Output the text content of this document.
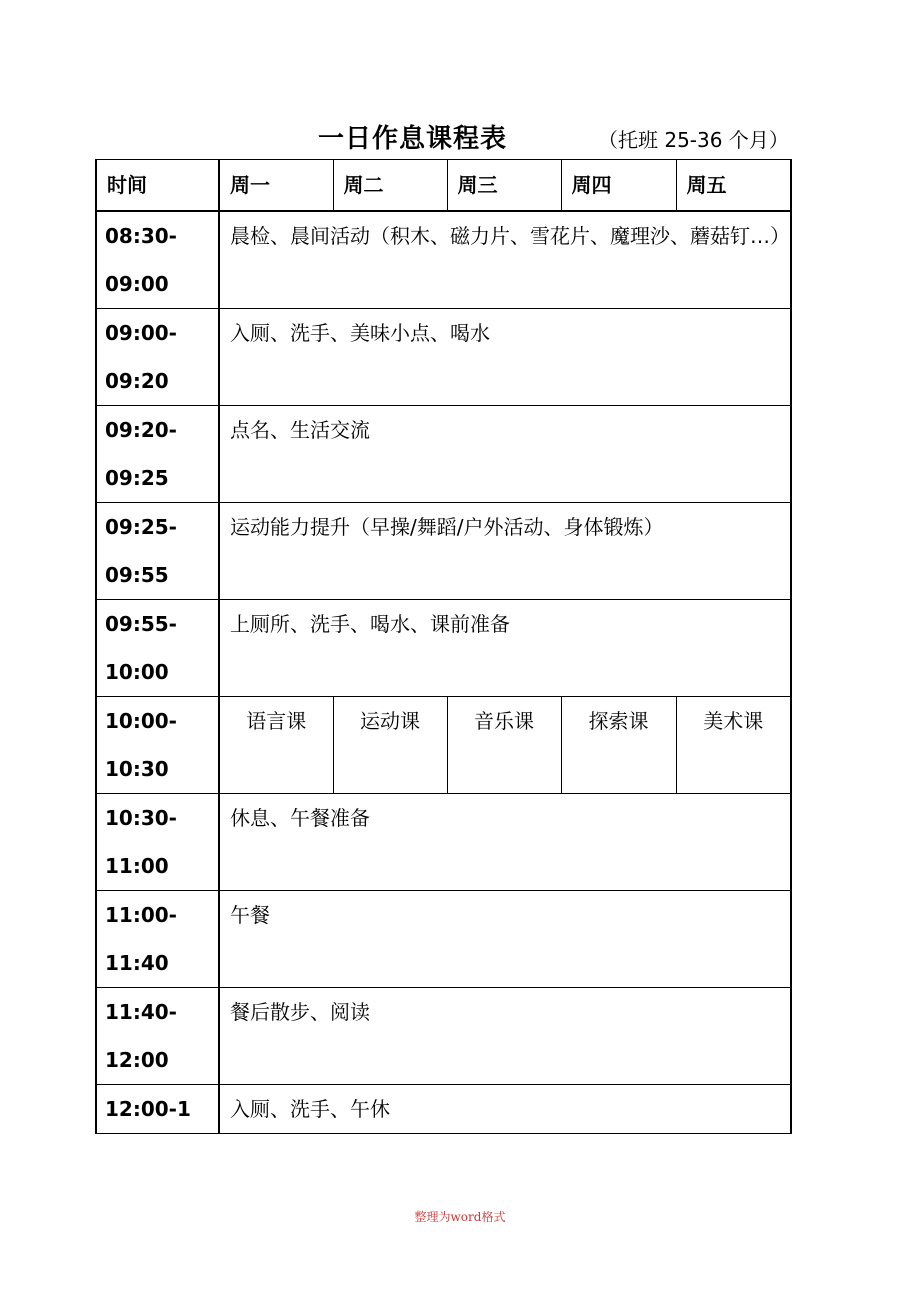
一日作息课程表	（托班 25-36 个月）
时间	周一	周二	周三	周四	周五
08:30-09:00	晨检、晨间活动（积木、磁力片、雪花片、魔理沙、蘑菇钉…）				
09:00-09:20	入厕、洗手、美味小点、喝水				
09:20-09:25	点名、生活交流				
09:25-09:55	运动能力提升（早操/舞蹈/户外活动、身体锻炼）				
09:55-10:00	上厕所、洗手、喝水、课前准备				
10:00-10:30	语言课	运动课	音乐课	探索课	美术课
10:30-11:00	休息、午餐准备				
11:00-11:40	午餐				
11:40-12:00	餐后散步、阅读				
12:00-1	入厕、洗手、午休				
整理为word格式
